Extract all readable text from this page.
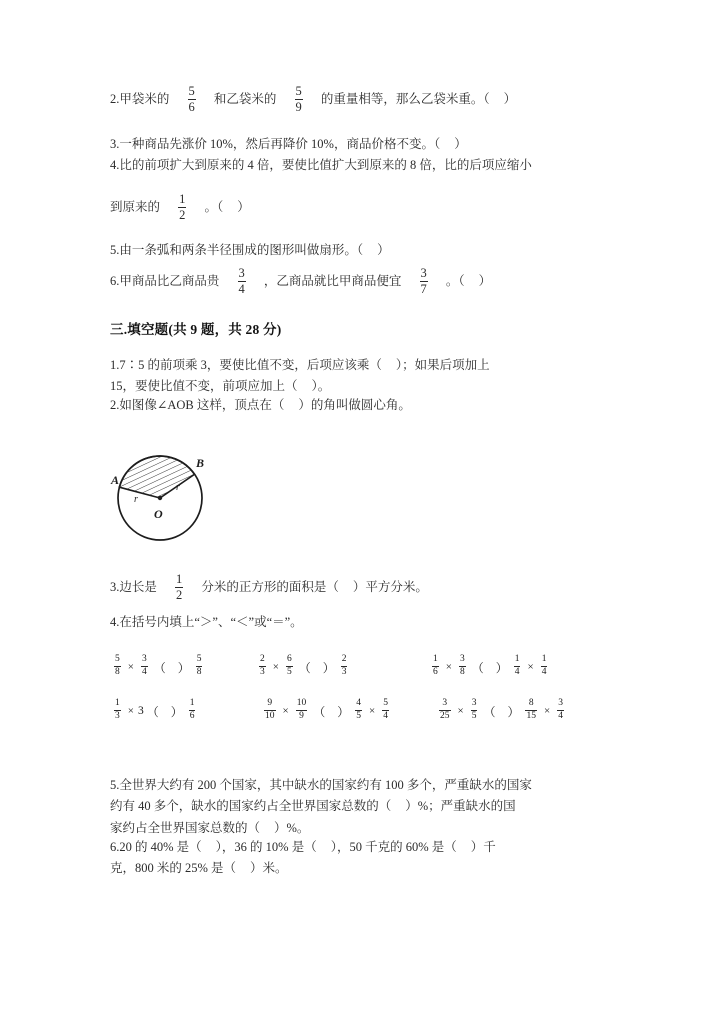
2.甲袋米的 $\frac{5}{6}$ 和乙袋米的 $\frac{5}{9}$ 的重量相等，那么乙袋米重。（ ）
3.一种商品先涨价 10%，然后再降价 10%，商品价格不变。（ ）
4.比的前项扩大到原来的 4 倍，要使比值扩大到原来的 8 倍，比的后项应缩小
到原来的 $\frac{1}{2}$ 。（ ）
5.由一条弧和两条半径围成的图形叫做扇形。（ ）
6.甲商品比乙商品贵 $\frac{3}{4}$ ，乙商品就比甲商品便宜 $\frac{3}{7}$ 。（ ）
三.填空题(共 9 题，共 28 分)
1.7∶5 的前项乘 3，要使比值不变，后项应该乘（ ）；如果后项加上
15，要使比值不变，前项应加上（ ）。
2.如图像∠AOB 这样，顶点在（ ）的角叫做圆心角。
A
B
O
r
r
3.边长是 $\frac{1}{2}$ 分米的正方形的面积是（ ）平方分米。
4.在括号内填上“＞”、“＜”或“＝”。
$\frac{5}{8} \times \frac{3}{4}$ （    ） $\frac{5}{8}$	$\frac{2}{3} \times \frac{6}{5}$ （    ） $\frac{2}{3}$	$\frac{1}{6} \times \frac{3}{8}$ （    ） $\frac{1}{4} \times \frac{1}{4}$
$\frac{1}{3} \times 3$ （    ） $\frac{1}{6}$	$\frac{9}{10} \times \frac{10}{9}$ （    ） $\frac{4}{5} \times \frac{5}{4}$	$\frac{3}{25} \times \frac{3}{5}$ （    ） $\frac{8}{15} \times \frac{3}{4}$
5.全世界大约有 200 个国家，其中缺水的国家约有 100 多个，严重缺水的国家
约有 40 多个，缺水的国家约占全世界国家总数的（ ）%；严重缺水的国
家约占全世界国家总数的（ ）%。
6.20 的 40% 是（ ），36 的 10% 是（ ），50 千克的 60% 是（ ）千
克，800 米的 25% 是（ ）米。
